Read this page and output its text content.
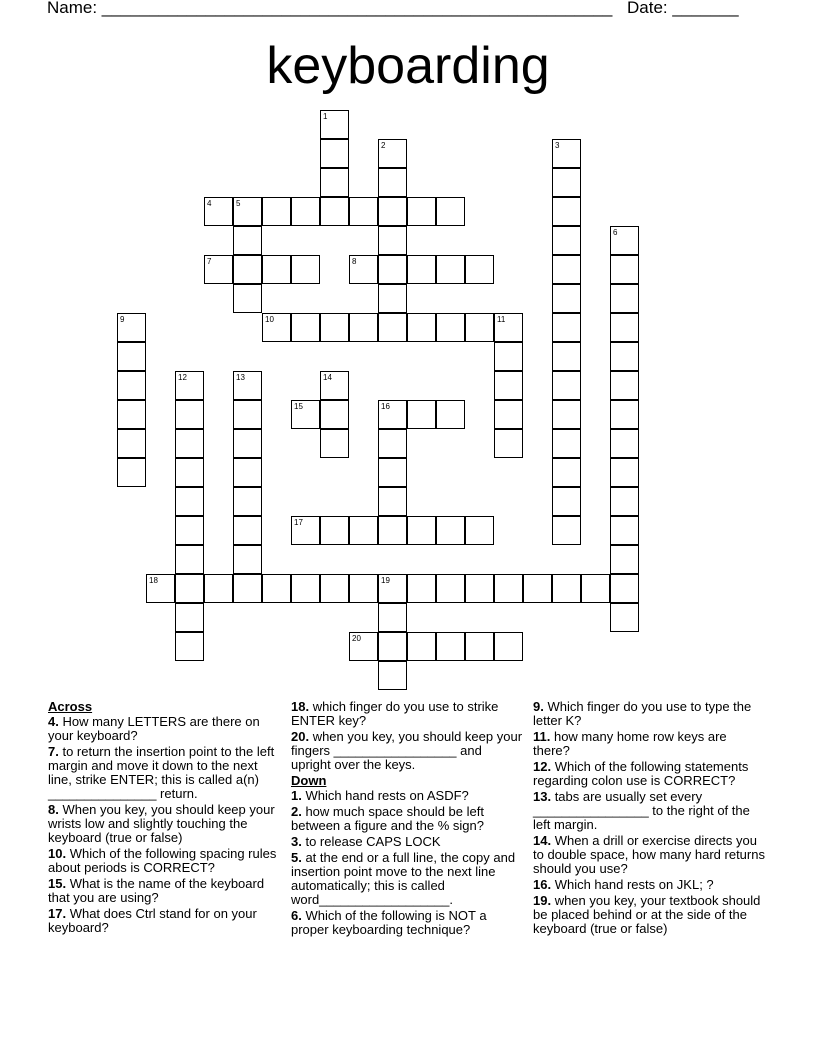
Name: ______________________________________________________ Date: _______
keyboarding
1
2	3
4	5
6
7	8
9	10	11
12	13	14
15	16
17
18	19
20
Across
4. How many LETTERS are there on your keyboard?
7. to return the insertion point to the left margin and move it down to the next line, strike ENTER; this is called a(n) _______________ return.
8. When you key, you should keep your wrists low and slightly touching the keyboard (true or false)
10. Which of the following spacing rules about periods is CORRECT?
15. What is the name of the keyboard that you are using?
17. What does Ctrl stand for on your keyboard?
18. which finger do you use to strike ENTER key?
20. when you key, you should keep your fingers _________________ and upright over the keys.
Down
1. Which hand rests on ASDF?
2. how much space should be left between a figure and the % sign?
3. to release CAPS LOCK
5. at the end or a full line, the copy and insertion point move to the next line automatically; this is called word__________________.
6. Which of the following is NOT a proper keyboarding technique?
9. Which finger do you use to type the letter K?
11. how many home row keys are there?
12. Which of the following statements regarding colon use is CORRECT?
13. tabs are usually set every ________________ to the right of the left margin.
14. When a drill or exercise directs you to double space, how many hard returns should you use?
16. Which hand rests on JKL; ?
19. when you key, your textbook should be placed behind or at the side of the keyboard (true or false)
